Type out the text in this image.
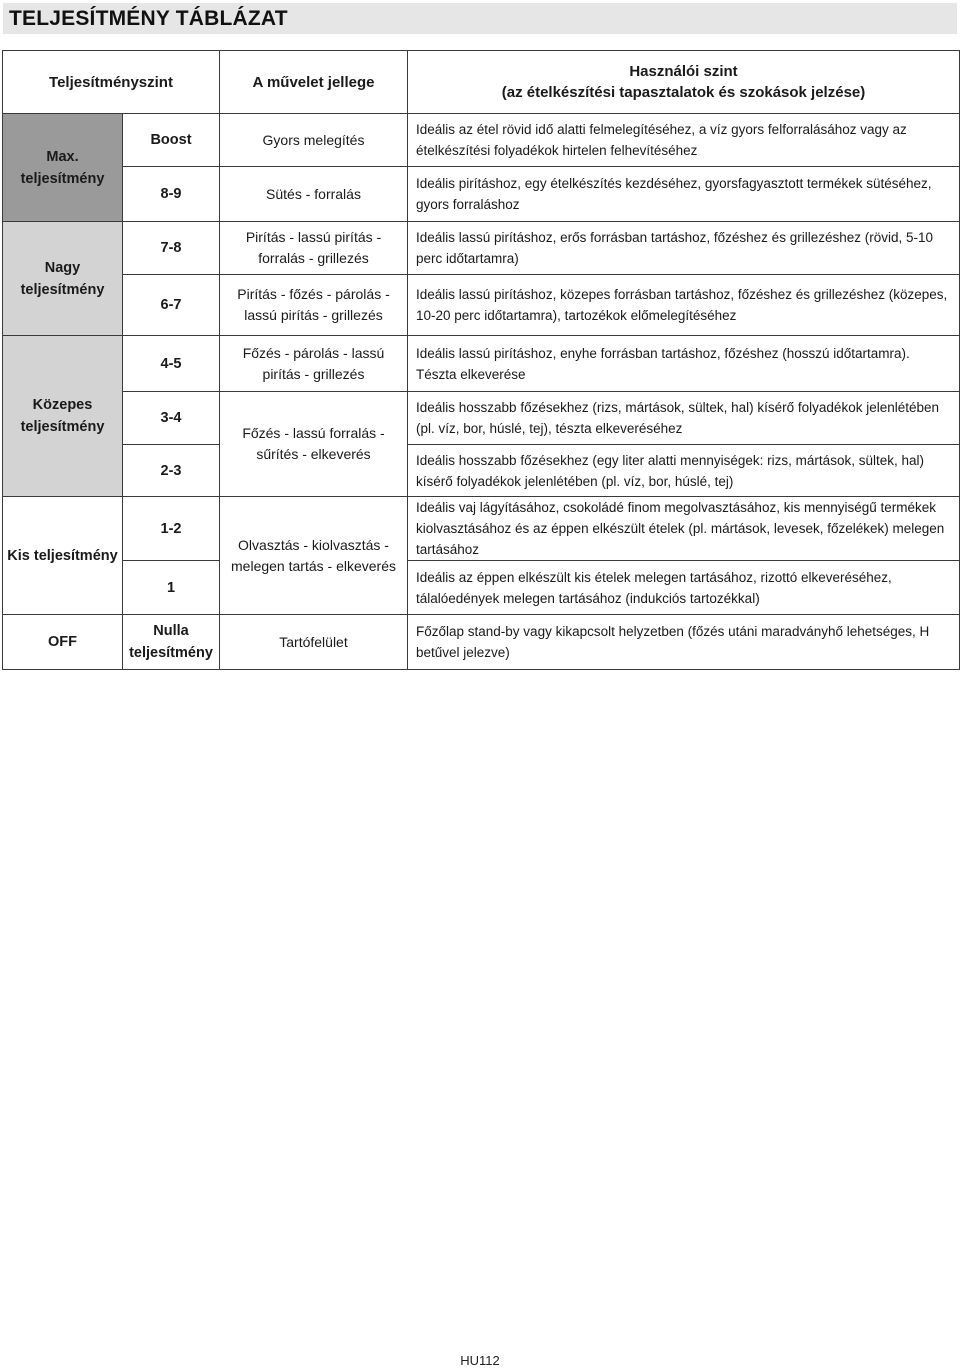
TELJESÍTMÉNY TÁBLÁZAT
Teljesítményszint		A művelet jellege	Használói szint
(az ételkészítési tapasztalatok és szokások jelzése)

Max. teljesítmény	Boost	Gyors melegítés	Ideális az étel rövid idő alatti felmelegítéséhez, a víz gyors felforralásához vagy az ételkészítési folyadékok hirtelen felhevítéséhez
	8-9	Sütés - forralás	Ideális pirításhoz, egy ételkészítés kezdéséhez, gyorsfagyasztott termékek sütéséhez, gyors forraláshoz
Nagy teljesítmény	7-8	Pirítás - lassú pirítás - forralás - grillezés	Ideális lassú pirításhoz, erős forrásban tartáshoz, főzéshez és grillezéshez (rövid, 5-10 perc időtartamra)
	6-7	Pirítás - főzés - párolás - lassú pirítás - grillezés	Ideális lassú pirításhoz, közepes forrásban tartáshoz, főzéshez és grillezéshez (közepes, 10-20 perc időtartamra), tartozékok előmelegítéséhez
Közepes teljesítmény	4-5	Főzés - párolás - lassú pirítás - grillezés	Ideális lassú pirításhoz, enyhe forrásban tartáshoz, főzéshez (hosszú időtartamra). Tészta elkeverése
	3-4	Főzés - lassú forralás - sűrítés - elkeverés	Ideális hosszabb főzésekhez (rizs, mártások, sültek, hal) kísérő folyadékok jelenlétében (pl. víz, bor, húslé, tej), tészta elkeveréséhez
	2-3		Ideális hosszabb főzésekhez (egy liter alatti mennyiségek: rizs, mártások, sültek, hal) kísérő folyadékok jelenlétében (pl. víz, bor, húslé, tej)
Kis teljesítmény	1-2	Olvasztás - kiolvasztás - melegen tartás - elkeverés	Ideális vaj lágyításához, csokoládé finom megolvasztásához, kis mennyiségű termékek kiolvasztásához és az éppen elkészült ételek (pl. mártások, levesek, főzelékek) melegen tartásához
	1		Ideális az éppen elkészült kis ételek melegen tartásához, rizottó elkeveréséhez, tálalóedények melegen tartásához (indukciós tartozékkal)
OFF	Nulla teljesítmény	Tartófelület	Főzőlap stand-by vagy kikapcsolt helyzetben (főzés utáni maradványhő lehetséges, H betűvel jelezve)
HU112
